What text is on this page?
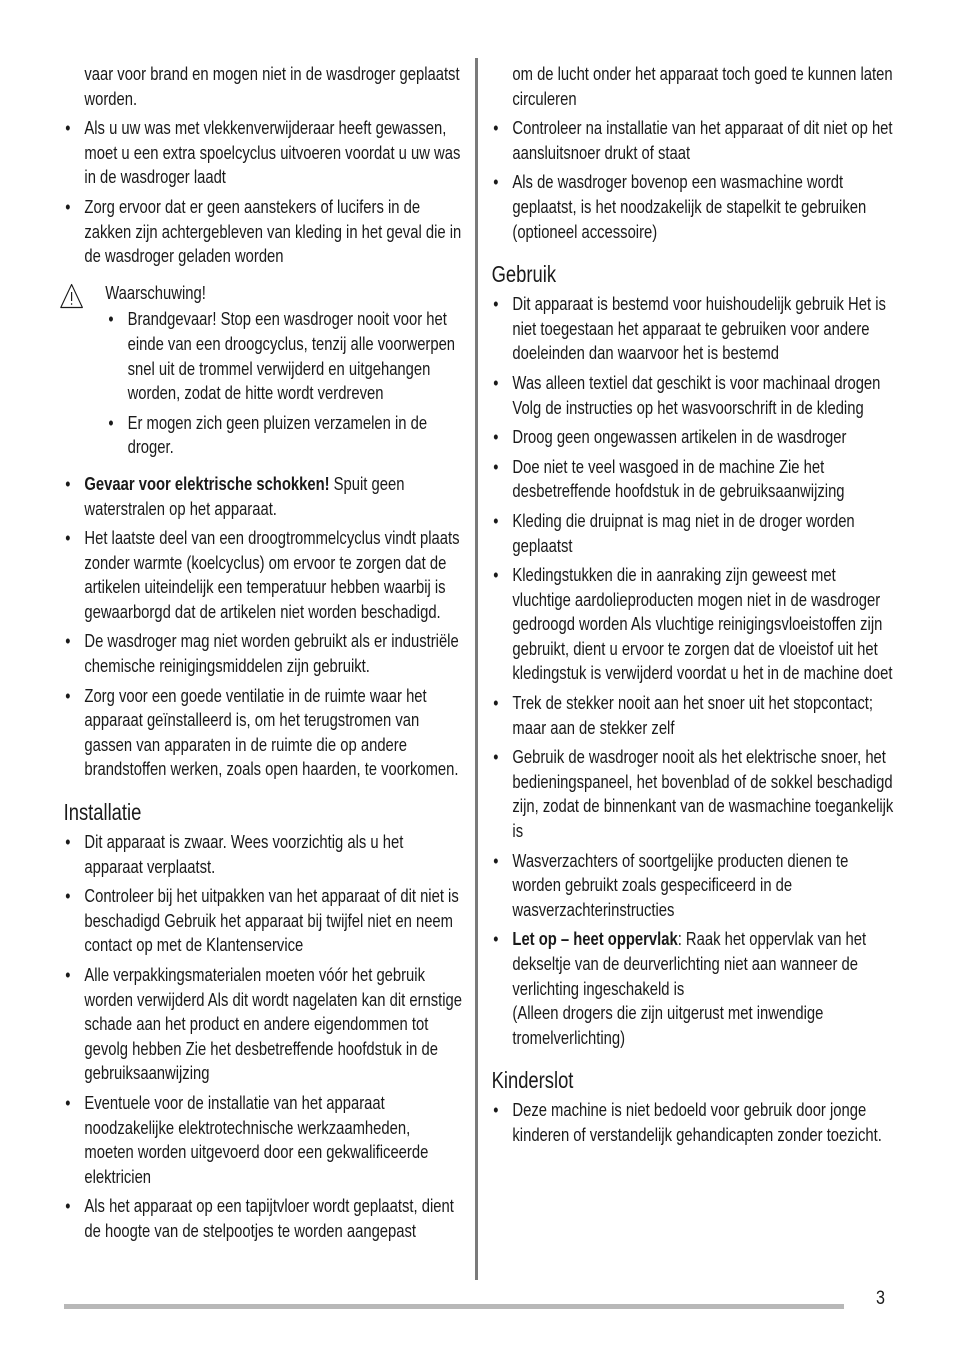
vaar voor brand en mogen niet in de wasdroger geplaatst worden.

• Als u uw was met vlekkenverwijderaar heeft gewassen, moet u een extra spoelcyclus uitvoeren voordat u uw was in de wasdroger laadt
• Zorg ervoor dat er geen aanstekers of lucifers in de zakken zijn achtergebleven van kleding in het geval die in de wasdroger geladen worden
Waarschuwing!
• Brandgevaar! Stop een wasdroger nooit voor het einde van een droogcyclus, tenzij alle voorwerpen snel uit de trommel verwijderd en uitgehangen worden, zodat de hitte wordt verdreven
• Er mogen zich geen pluizen verzamelen in de droger.
• Gevaar voor elektrische schokken! Spuit geen waterstralen op het apparaat.
• Het laatste deel van een droogtrommelcyclus vindt plaats zonder warmte (koelcyclus) om ervoor te zorgen dat de artikelen uiteindelijk een temperatuur hebben waarbij is gewaarborgd dat de artikelen niet worden beschadigd.
• De wasdroger mag niet worden gebruikt als er industriële chemische reinigingsmiddelen zijn gebruikt.
• Zorg voor een goede ventilatie in de ruimte waar het apparaat geïnstalleerd is, om het terugstromen van gassen van apparaten in de ruimte die op andere brandstoffen werken, zoals open haarden, te voorkomen.
Installatie
• Dit apparaat is zwaar. Wees voorzichtig als u het apparaat verplaatst.
• Controleer bij het uitpakken van het apparaat of dit niet is beschadigd Gebruik het apparaat bij twijfel niet en neem contact op met de Klantenservice
• Alle verpakkingsmaterialen moeten vóór het gebruik worden verwijderd Als dit wordt nagelaten kan dit ernstige schade aan het product en andere eigendommen tot gevolg hebben Zie het desbetreffende hoofdstuk in de gebruiksaanwijzing
• Eventuele voor de installatie van het apparaat noodzakelijke elektrotechnische werkzaamheden, moeten worden uitgevoerd door een gekwalificeerde elektricien
• Als het apparaat op een tapijtvloer wordt geplaatst, dient de hoogte van de stelpootjes te worden aangepast

om de lucht onder het apparaat toch goed te kunnen laten circuleren

• Controleer na installatie van het apparaat of dit niet op het aansluitsnoer drukt of staat
• Als de wasdroger bovenop een wasmachine wordt geplaatst, is het noodzakelijk de stapelkit te gebruiken (optioneel accessoire)
Gebruik
• Dit apparaat is bestemd voor huishoudelijk gebruik Het is niet toegestaan het apparaat te gebruiken voor andere doeleinden dan waarvoor het is bestemd
• Was alleen textiel dat geschikt is voor machinaal drogen Volg de instructies op het wasvoorschrift in de kleding
• Droog geen ongewassen artikelen in de wasdroger
• Doe niet te veel wasgoed in de machine Zie het desbetreffende hoofdstuk in de gebruiksaanwijzing
• Kleding die druipnat is mag niet in de droger worden geplaatst
• Kledingstukken die in aanraking zijn geweest met vluchtige aardolieproducten mogen niet in de wasdroger gedroogd worden Als vluchtige reinigingsvloeistoffen zijn gebruikt, dient u ervoor te zorgen dat de vloeistof uit het kledingstuk is verwijderd voordat u het in de machine doet
• Trek de stekker nooit aan het snoer uit het stopcontact; maar aan de stekker zelf
• Gebruik de wasdroger nooit als het elektrische snoer, het bedieningspaneel, het bovenblad of de sokkel beschadigd zijn, zodat de binnenkant van de wasmachine toegankelijk is
• Wasverzachters of soortgelijke producten dienen te worden gebruikt zoals gespecificeerd in de wasverzachterinstructies
• Let op – heet oppervlak: Raak het oppervlak van het dekseltje van de deurverlichting niet aan wanneer de verlichting ingeschakeld is
(Alleen drogers die zijn uitgerust met inwendige tromelverlichting)
Kinderslot
• Deze machine is niet bedoeld voor gebruik door jonge kinderen of verstandelijk gehandicapten zonder toezicht.
3
